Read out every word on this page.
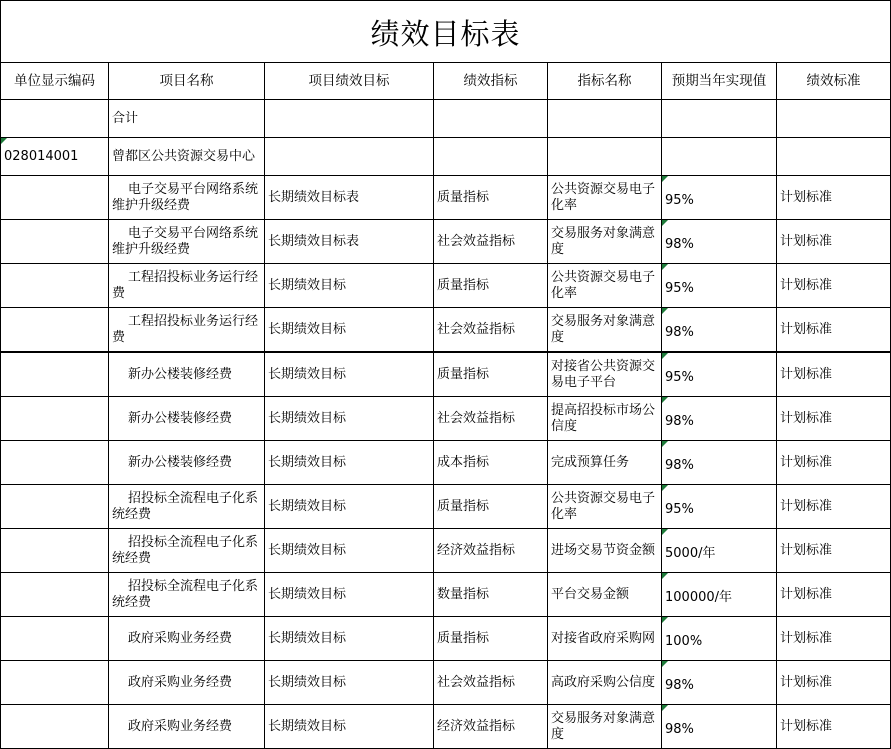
绩效目标表
单位显示编码	项目名称	项目绩效目标	绩效指标	指标名称	预期当年实现值	绩效标准
	合计					

028014001	曾都区公共资源交易中心					
	电子交易平台网络系统维护升级经费	长期绩效目标表	质量指标	公共资源交易电子化率	95%	计划标准
	电子交易平台网络系统维护升级经费	长期绩效目标表	社会效益指标	交易服务对象满意度	98%	计划标准
	工程招投标业务运行经费	长期绩效目标	质量指标	公共资源交易电子化率	95%	计划标准
	工程招投标业务运行经费	长期绩效目标	社会效益指标	交易服务对象满意度	98%	计划标准
	新办公楼装修经费	长期绩效目标	质量指标	对接省公共资源交易电子平台	95%	计划标准
	新办公楼装修经费	长期绩效目标	社会效益指标	提高招投标市场公信度	98%	计划标准
	新办公楼装修经费	长期绩效目标	成本指标	完成预算任务	98%	计划标准
	招投标全流程电子化系统经费	长期绩效目标	质量指标	公共资源交易电子化率	95%	计划标准
	招投标全流程电子化系统经费	长期绩效目标	经济效益指标	进场交易节资金额	5000/年	计划标准
	招投标全流程电子化系统经费	长期绩效目标	数量指标	平台交易金额	100000/年	计划标准
	政府采购业务经费	长期绩效目标	质量指标	对接省政府采购网	100%	计划标准
	政府采购业务经费	长期绩效目标	社会效益指标	高政府采购公信度	98%	计划标准
	政府采购业务经费	长期绩效目标	经济效益指标	交易服务对象满意度	98%	计划标准
